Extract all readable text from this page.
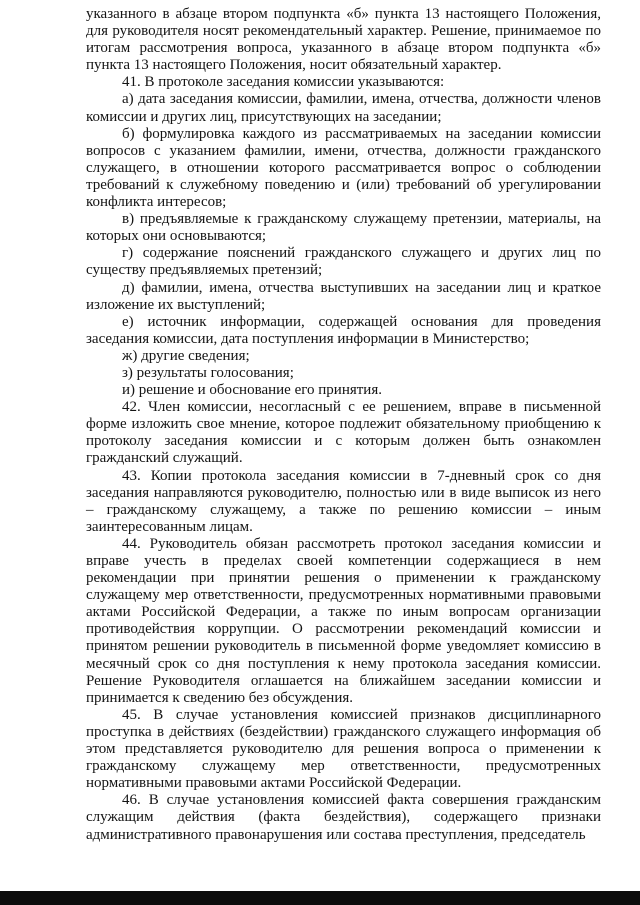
указанного в абзаце втором подпункта «б» пункта 13 настоящего Положения, для руководителя носят рекомендательный характер. Решение, принимаемое по итогам рассмотрения вопроса, указанного в абзаце втором подпункта «б» пункта 13 настоящего Положения, носит обязательный характер.

41. В протоколе заседания комиссии указываются:

а) дата заседания комиссии, фамилии, имена, отчества, должности членов комиссии и других лиц, присутствующих на заседании;

б) формулировка каждого из рассматриваемых на заседании комиссии вопросов с указанием фамилии, имени, отчества, должности гражданского служащего, в отношении которого рассматривается вопрос о соблюдении требований к служебному поведению и (или) требований об урегулировании конфликта интересов;

в) предъявляемые к гражданскому служащему претензии, материалы, на которых они основываются;

г) содержание пояснений гражданского служащего и других лиц по существу предъявляемых претензий;

д) фамилии, имена, отчества выступивших на заседании лиц и краткое изложение их выступлений;

е) источник информации, содержащей основания для проведения заседания комиссии, дата поступления информации в Министерство;

ж) другие сведения;

з) результаты голосования;

и) решение и обоснование его принятия.

42. Член комиссии, несогласный с ее решением, вправе в письменной форме изложить свое мнение, которое подлежит обязательному приобщению к протоколу заседания комиссии и с которым должен быть ознакомлен гражданский служащий.

43. Копии протокола заседания комиссии в 7-дневный срок со дня заседания направляются руководителю, полностью или в виде выписок из него – гражданскому служащему, а также по решению комиссии – иным заинтересованным лицам.

44. Руководитель обязан рассмотреть протокол заседания комиссии и вправе учесть в пределах своей компетенции содержащиеся в нем рекомендации при принятии решения о применении к гражданскому служащему мер ответственности, предусмотренных нормативными правовыми актами Российской Федерации, а также по иным вопросам организации противодействия коррупции. О рассмотрении рекомендаций комиссии и принятом решении руководитель в письменной форме уведомляет комиссию в месячный срок со дня поступления к нему протокола заседания комиссии. Решение Руководителя оглашается на ближайшем заседании комиссии и принимается к сведению без обсуждения.

45. В случае установления комиссией признаков дисциплинарного проступка в действиях (бездействии) гражданского служащего информация об этом представляется руководителю для решения вопроса о применении к гражданскому служащему мер ответственности, предусмотренных нормативными правовыми актами Российской Федерации.

46. В случае установления комиссией факта совершения гражданским служащим действия (факта бездействия), содержащего признаки административного правонарушения или состава преступления, председатель
